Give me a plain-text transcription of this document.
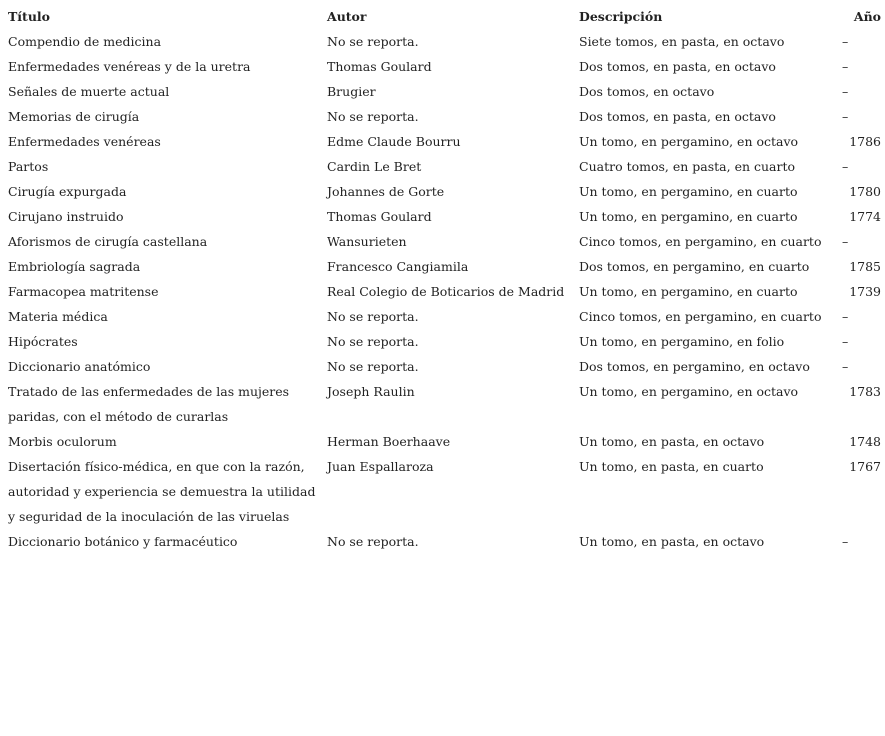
Título	Autor	Descripción	Año
Compendio de medicina	No se reporta.	Siete tomos, en pasta, en octavo	–
Enfermedades venéreas y de la uretra	Thomas Goulard	Dos tomos, en pasta, en octavo	–
Señales de muerte actual	Brugier	Dos tomos, en octavo	–
Memorias de cirugía	No se reporta.	Dos tomos, en pasta, en octavo	–
Enfermedades venéreas	Edme Claude Bourru	Un tomo, en pergamino, en octavo	1786
Partos	Cardin Le Bret	Cuatro tomos, en pasta, en cuarto	–
Cirugía expurgada	Johannes de Gorte	Un tomo, en pergamino, en cuarto	1780
Cirujano instruido	Thomas Goulard	Un tomo, en pergamino, en cuarto	1774
Aforismos de cirugía castellana	Wansurieten	Cinco tomos, en pergamino, en cuarto	–
Embriología sagrada	Francesco Cangiamila	Dos tomos, en pergamino, en cuarto	1785
Farmacopea matritense	Real Colegio de Boticarios de Madrid	Un tomo, en pergamino, en cuarto	1739
Materia médica	No se reporta.	Cinco tomos, en pergamino, en cuarto	–
Hipócrates	No se reporta.	Un tomo, en pergamino, en folio	–
Diccionario anatómico	No se reporta.	Dos tomos, en pergamino, en octavo	–
Tratado de las enfermedades de las mujeres paridas, con el método de curarlas	Joseph Raulin	Un tomo, en pergamino, en octavo	1783
Morbis oculorum	Herman Boerhaave	Un tomo, en pasta, en octavo	1748
Disertación físico-médica, en que con la razón, autoridad y experiencia se demuestra la utilidad y seguridad de la inoculación de las viruelas	Juan Espallaroza	Un tomo, en pasta, en cuarto	1767
Diccionario botánico y farmacéutico	No se reporta.	Un tomo, en pasta, en octavo	–
